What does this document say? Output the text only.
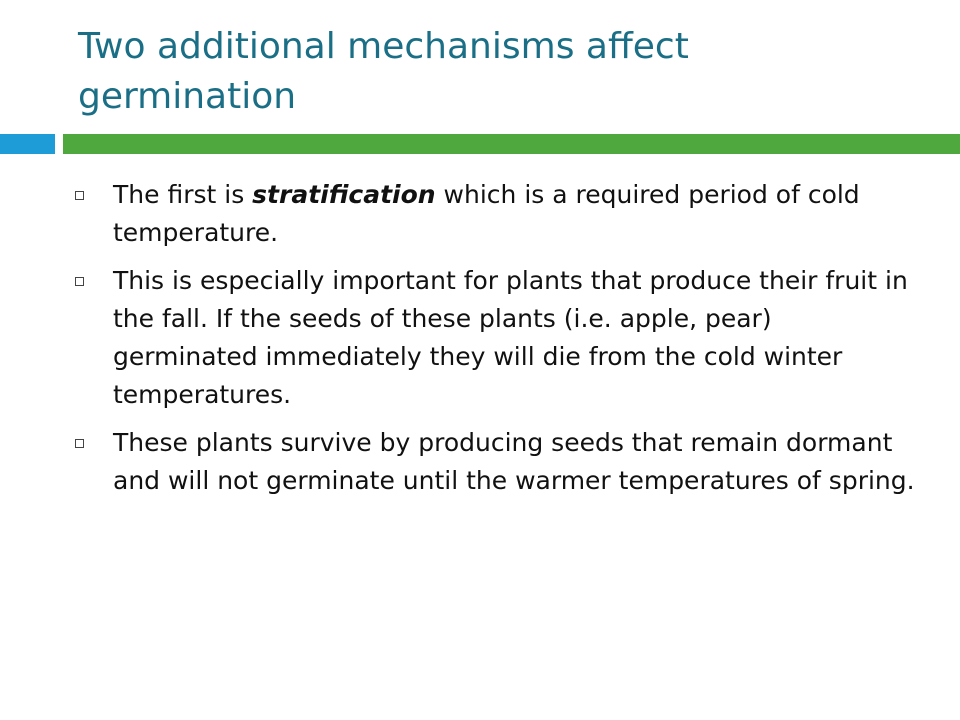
Two additional mechanisms affect germination
The first is stratification which is a required period of cold temperature.
This is especially important for plants that produce their fruit in the fall. If the seeds of these plants (i.e. apple, pear) germinated immediately they will die from the cold winter temperatures.
These plants survive by producing seeds that remain dormant and will not germinate until the warmer temperatures of spring.
